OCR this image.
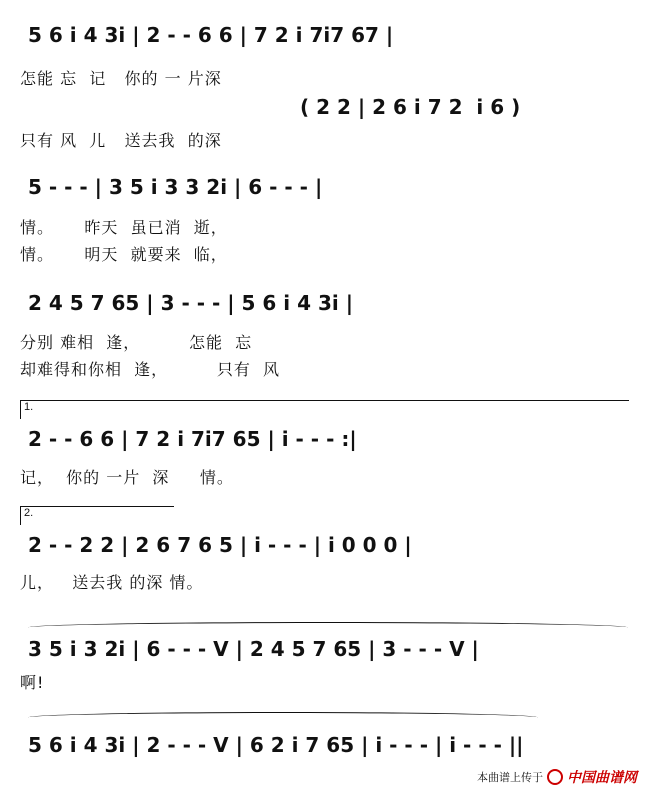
5 6 i 4 3i | 2 - - 6 6 | 7 2 i 7i7 67 |
怎能 忘  记   你的 一 片深
( 2 2 | 2 6 i 7 2  i 6 )
只有 风  儿   送去我  的深
5 - - - | 3 5 i 3 3 2i | 6 - - - |
情。     昨天  虽已消  逝，
情。     明天  就要来  临，
2 4 5 7 65 | 3 - - - | 5 6 i 4 3i |
分别 难相  逢，        怎能  忘
却难得和你相  逢，        只有  风
1.
2 - - 6 6 | 7 2 i 7i7 65 | i - - - :|
记，  你的 一片  深     情。
2.
2 - - 2 2 | 2 6 7 6 5 | i - - - | i 0 0 0 |
儿，   送去我 的深 情。
3 5 i 3 2i | 6 - - - V | 2 4 5 7 65 | 3 - - - V |
啊!
5 6 i 4 3i | 2 - - - V | 6 2 i 7 65 | i - - - | i - - - ||
本曲谱上传于 中国曲谱网
